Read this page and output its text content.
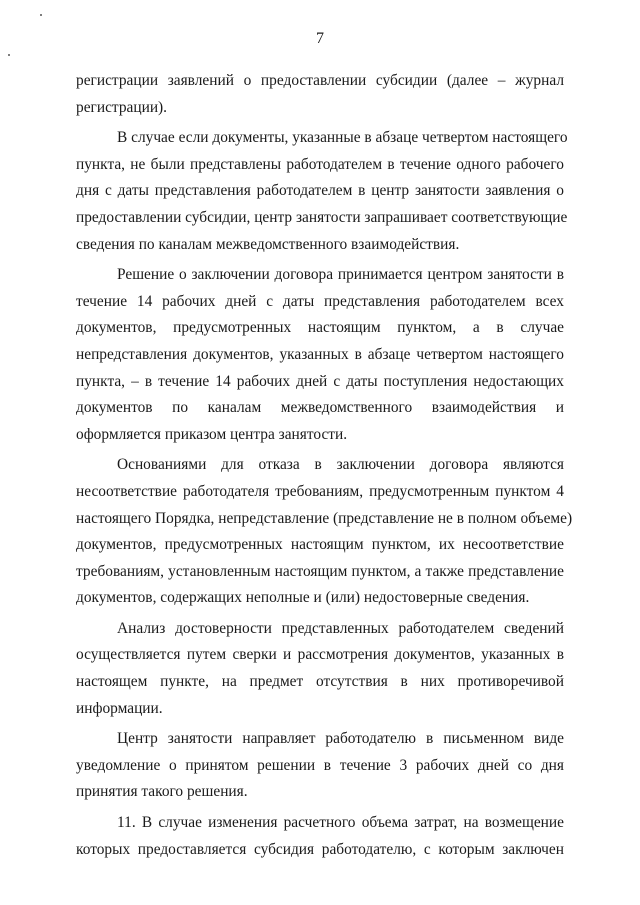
7
регистрации заявлений о предоставлении субсидии (далее – журнал
регистрации).
В случае если документы, указанные в абзаце четвертом настоящего
пункта, не были представлены работодателем в течение одного рабочего
дня с даты представления работодателем в центр занятости заявления о
предоставлении субсидии, центр занятости запрашивает соответствующие
сведения по каналам межведомственного взаимодействия.
Решение о заключении договора принимается центром занятости в
течение 14 рабочих дней с даты представления работодателем всех
документов, предусмотренных настоящим пунктом, а в случае
непредставления документов, указанных в абзаце четвертом настоящего
пункта, – в течение 14 рабочих дней с даты поступления недостающих
документов по каналам межведомственного взаимодействия и
оформляется приказом центра занятости.
Основаниями для отказа в заключении договора являются
несоответствие работодателя требованиям, предусмотренным пунктом 4
настоящего Порядка, непредставление (представление не в полном объеме)
документов, предусмотренных настоящим пунктом, их несоответствие
требованиям, установленным настоящим пунктом, а также представление
документов, содержащих неполные и (или) недостоверные сведения.
Анализ достоверности представленных работодателем сведений
осуществляется путем сверки и рассмотрения документов, указанных в
настоящем пункте, на предмет отсутствия в них противоречивой
информации.
Центр занятости направляет работодателю в письменном виде
уведомление о принятом решении в течение 3 рабочих дней со дня
принятия такого решения.
11. В случае изменения расчетного объема затрат, на возмещение
которых предоставляется субсидия работодателю, с которым заключен
